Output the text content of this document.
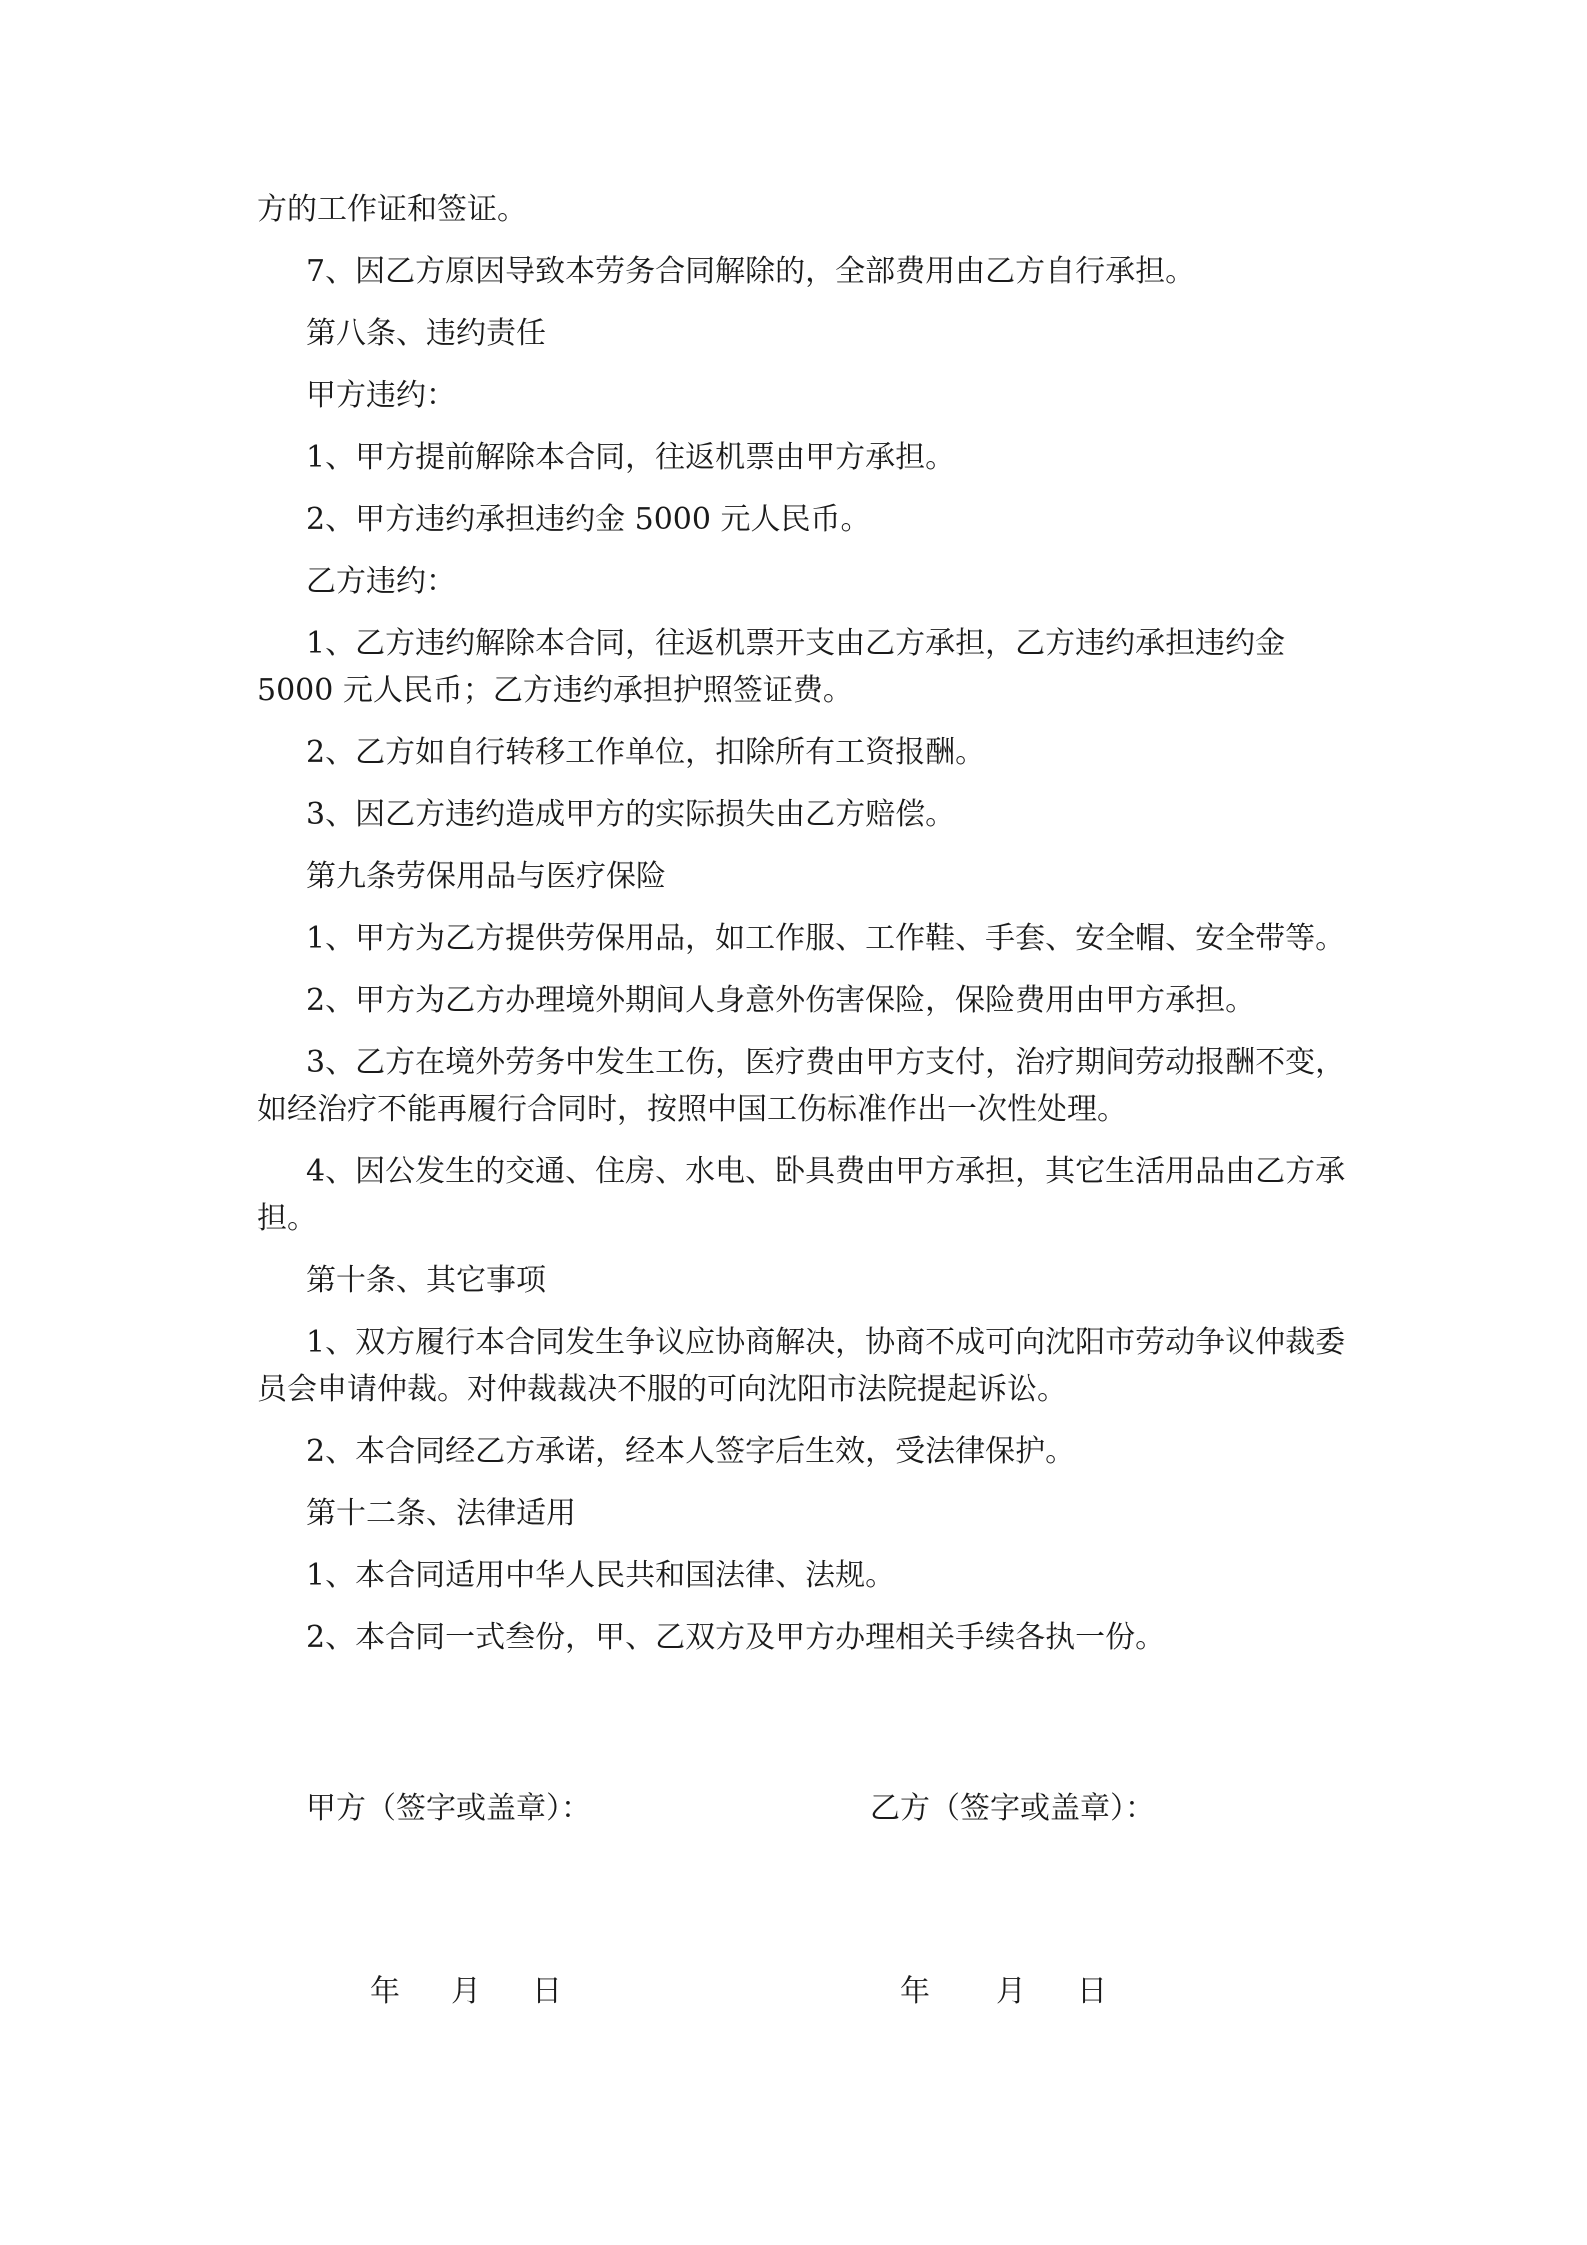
方的工作证和签证。

7、因乙方原因导致本劳务合同解除的，全部费用由乙方自行承担。

第八条、违约责任

甲方违约：

1、甲方提前解除本合同，往返机票由甲方承担。

2、甲方违约承担违约金 5000 元人民币。

乙方违约：

1、乙方违约解除本合同，往返机票开支由乙方承担，乙方违约承担违约金 5000 元人民币；乙方违约承担护照签证费。

2、乙方如自行转移工作单位，扣除所有工资报酬。

3、因乙方违约造成甲方的实际损失由乙方赔偿。

第九条劳保用品与医疗保险

1、甲方为乙方提供劳保用品，如工作服、工作鞋、手套、安全帽、安全带等。

2、甲方为乙方办理境外期间人身意外伤害保险，保险费用由甲方承担。

3、乙方在境外劳务中发生工伤，医疗费由甲方支付，治疗期间劳动报酬不变，如经治疗不能再履行合同时，按照中国工伤标准作出一次性处理。

4、因公发生的交通、住房、水电、卧具费由甲方承担，其它生活用品由乙方承担。

第十条、其它事项

1、双方履行本合同发生争议应协商解决，协商不成可向沈阳市劳动争议仲裁委员会申请仲裁。对仲裁裁决不服的可向沈阳市法院提起诉讼。

2、本合同经乙方承诺，经本人签字后生效，受法律保护。

第十二条、法律适用

1、本合同适用中华人民共和国法律、法规。

2、本合同一式叁份，甲、乙双方及甲方办理相关手续各执一份。

甲方（签字或盖章）：	乙方（签字或盖章）：
年 月 日	年 月 日
